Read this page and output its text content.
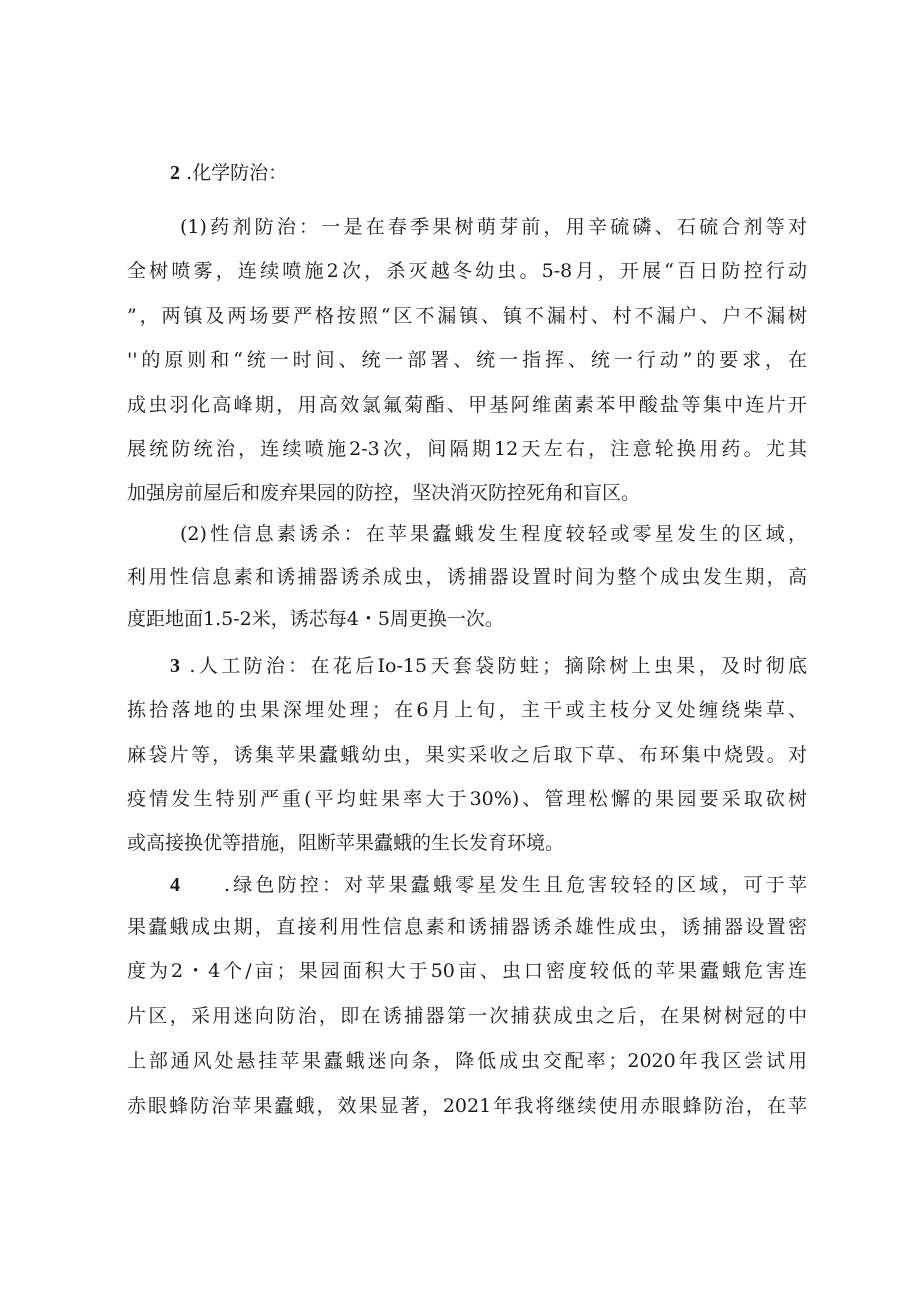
2 .化学防治：

(1)药剂防治：一是在春季果树萌芽前，用辛硫磷、石硫合剂等对

全树喷雾，连续喷施2次，杀灭越冬幼虫。5-8月，开展“百日防控行动

”，两镇及两场要严格按照“区不漏镇、镇不漏村、村不漏户、户不漏树

''的原则和“统一时间、统一部署、统一指挥、统一行动”的要求，在

成虫羽化高峰期，用高效氯氟菊酯、甲基阿维菌素苯甲酸盐等集中连片开

展统防统治，连续喷施2-3次，间隔期12天左右，注意轮换用药。尤其

加强房前屋后和废弃果园的防控，坚决消灭防控死角和盲区。

(2)性信息素诱杀：在苹果蠹蛾发生程度较轻或零星发生的区域，

利用性信息素和诱捕器诱杀成虫，诱捕器设置时间为整个成虫发生期，高

度距地面1.5-2米，诱芯每4・5周更换一次。

3 .人工防治：在花后Io-15天套袋防蛀；摘除树上虫果，及时彻底

拣拾落地的虫果深埋处理；在6月上旬，主干或主枝分叉处缠绕柴草、

麻袋片等，诱集苹果蠹蛾幼虫，果实采收之后取下草、布环集中烧毁。对

疫情发生特别严重(平均蛀果率大于30%)、管理松懈的果园要采取砍树

或高接换优等措施，阻断苹果蠹蛾的生长发育环境。

4 .绿色防控：对苹果蠹蛾零星发生且危害较轻的区域，可于苹

果蠹蛾成虫期，直接利用性信息素和诱捕器诱杀雄性成虫，诱捕器设置密

度为2・4个/亩；果园面积大于50亩、虫口密度较低的苹果蠹蛾危害连

片区，采用迷向防治，即在诱捕器第一次捕获成虫之后，在果树树冠的中

上部通风处悬挂苹果蠹蛾迷向条，降低成虫交配率；2020年我区尝试用

赤眼蜂防治苹果蠹蛾，效果显著，2021年我将继续使用赤眼蜂防治，在苹
